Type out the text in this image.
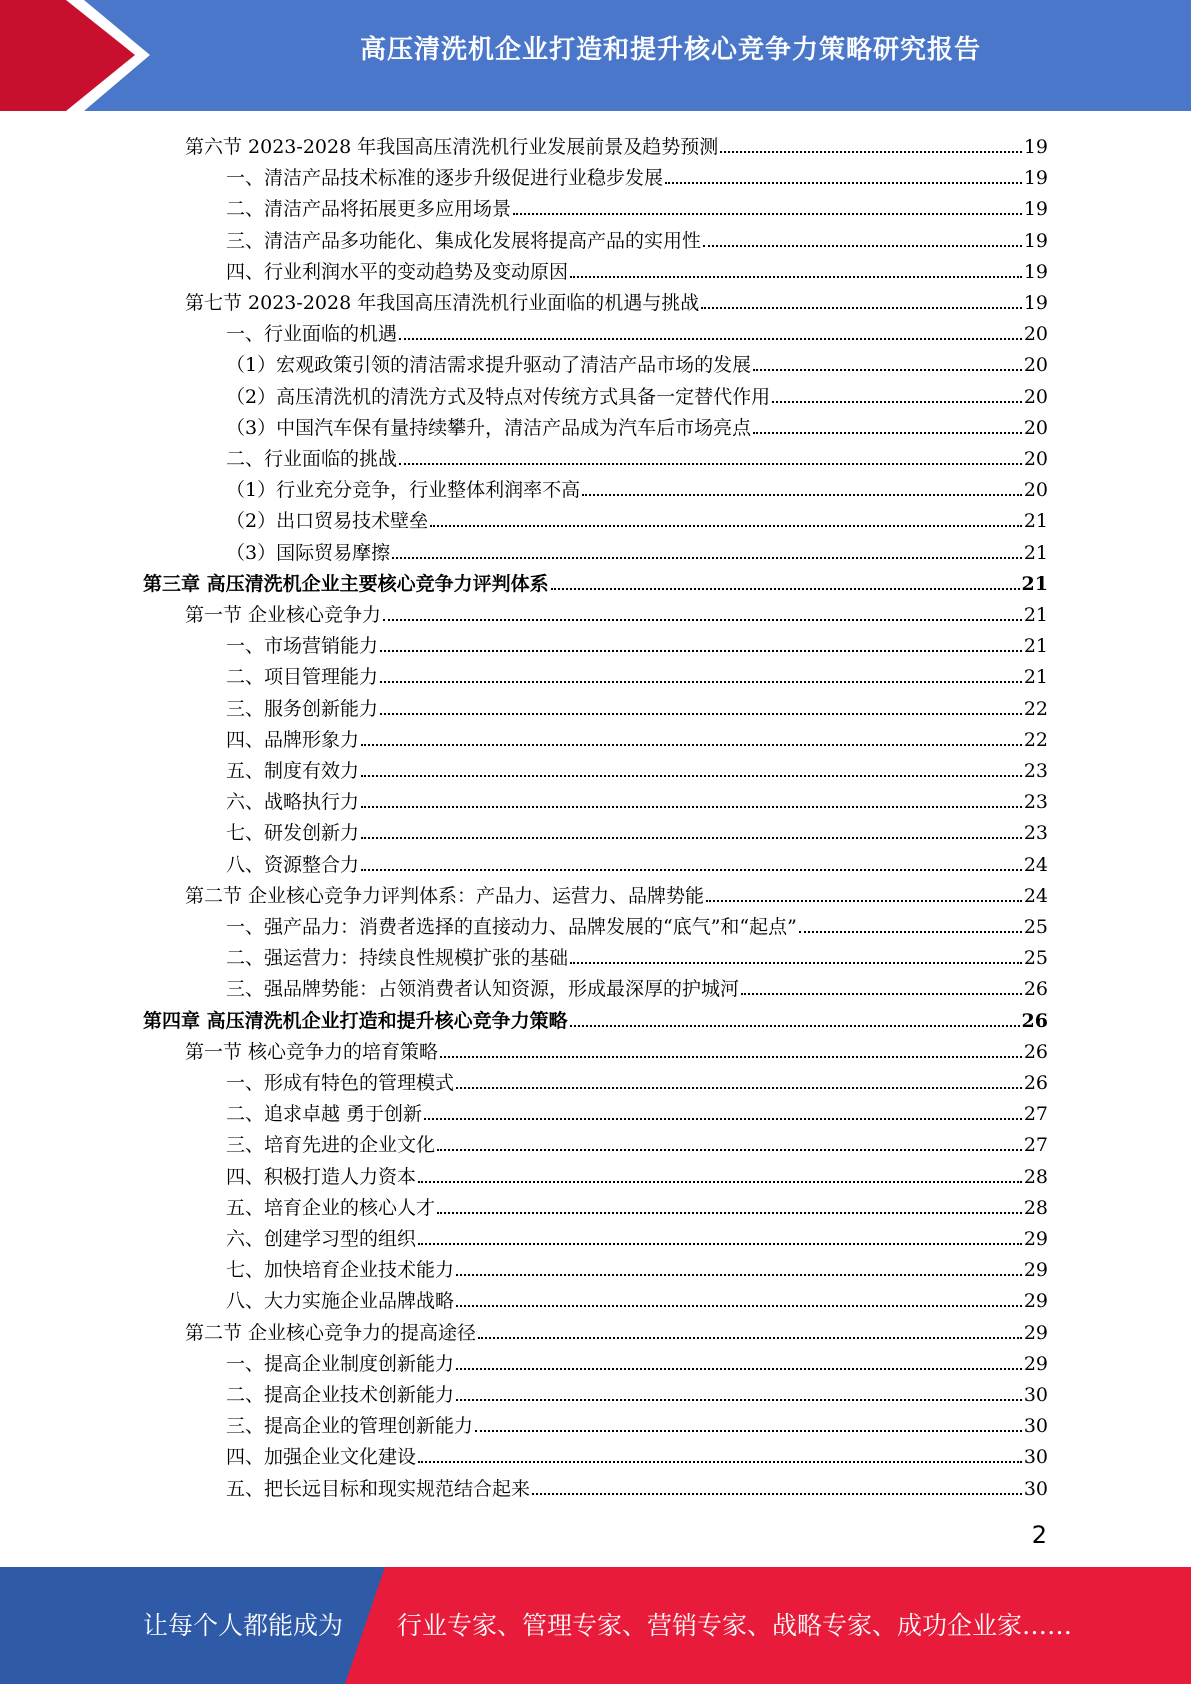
高压清洗机企业打造和提升核心竞争力策略研究报告
第六节 2023-2028 年我国高压清洗机行业发展前景及趋势预测	19
一、清洁产品技术标准的逐步升级促进行业稳步发展	19
二、清洁产品将拓展更多应用场景	19
三、清洁产品多功能化、集成化发展将提高产品的实用性	19
四、行业利润水平的变动趋势及变动原因	19
第七节 2023-2028 年我国高压清洗机行业面临的机遇与挑战	19
一、行业面临的机遇	20
（1）宏观政策引领的清洁需求提升驱动了清洁产品市场的发展	20
（2）高压清洗机的清洗方式及特点对传统方式具备一定替代作用	20
（3）中国汽车保有量持续攀升，清洁产品成为汽车后市场亮点	20
二、行业面临的挑战	20
（1）行业充分竞争，行业整体利润率不高	20
（2）出口贸易技术壁垒	21
（3）国际贸易摩擦	21
第三章 高压清洗机企业主要核心竞争力评判体系	21
第一节 企业核心竞争力	21
一、市场营销能力	21
二、项目管理能力	21
三、服务创新能力	22
四、品牌形象力	22
五、制度有效力	23
六、战略执行力	23
七、研发创新力	23
八、资源整合力	24
第二节 企业核心竞争力评判体系：产品力、运营力、品牌势能	24
一、强产品力：消费者选择的直接动力、品牌发展的“底气”和“起点”	25
二、强运营力：持续良性规模扩张的基础	25
三、强品牌势能：占领消费者认知资源，形成最深厚的护城河	26
第四章 高压清洗机企业打造和提升核心竞争力策略	26
第一节 核心竞争力的培育策略	26
一、形成有特色的管理模式	26
二、追求卓越 勇于创新	27
三、培育先进的企业文化	27
四、积极打造人力资本	28
五、培育企业的核心人才	28
六、创建学习型的组织	29
七、加快培育企业技术能力	29
八、大力实施企业品牌战略	29
第二节 企业核心竞争力的提高途径	29
一、提高企业制度创新能力	29
二、提高企业技术创新能力	30
三、提高企业的管理创新能力	30
四、加强企业文化建设	30
五、把长远目标和现实规范结合起来	30
2
让每个人都能成为 行业专家、管理专家、营销专家、战略专家、成功企业家……
